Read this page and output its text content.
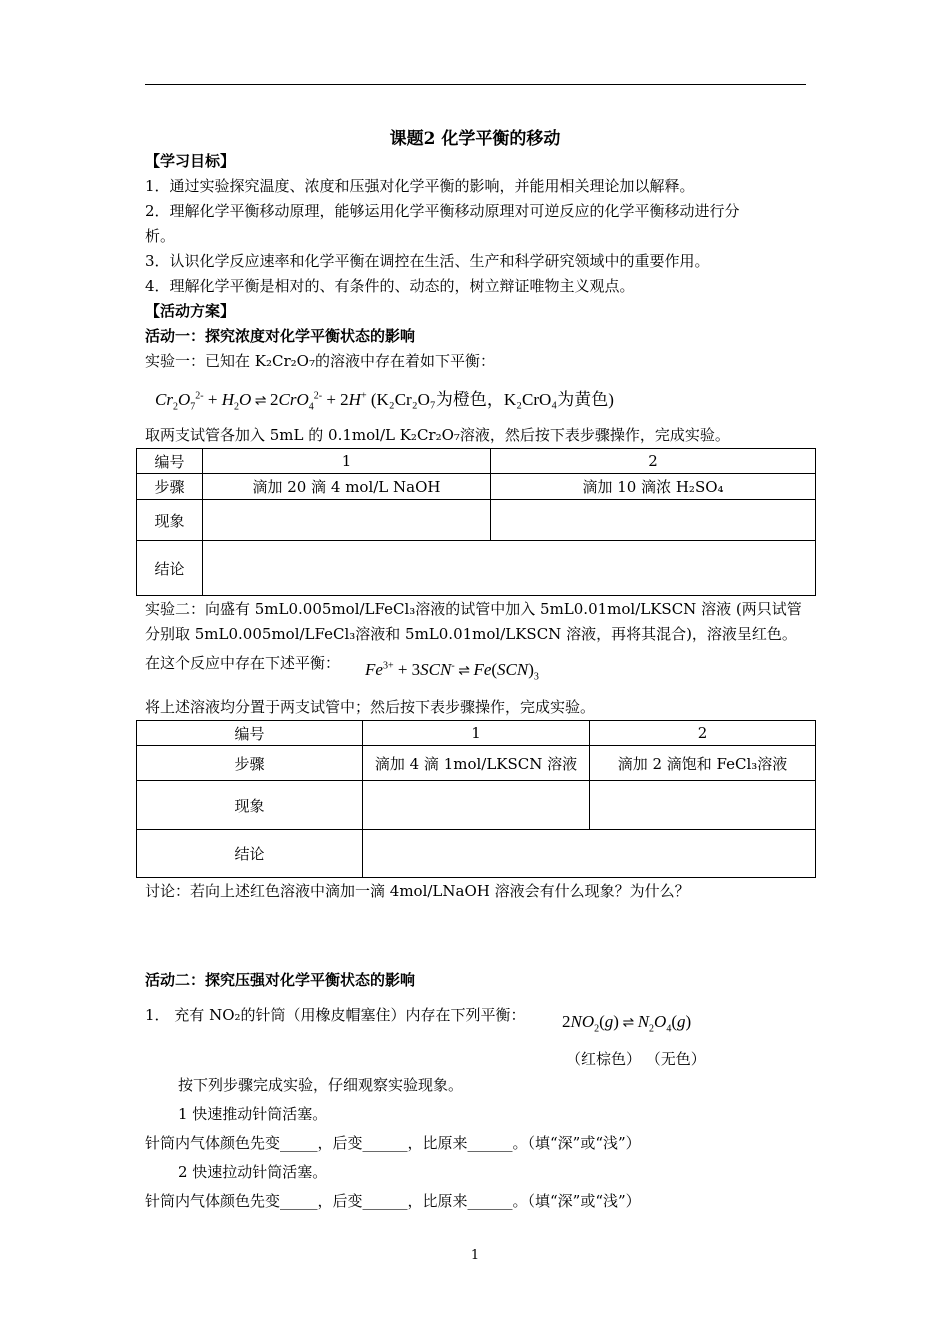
课题2 化学平衡的移动
【学习目标】
1．通过实验探究温度、浓度和压强对化学平衡的影响，并能用相关理论加以解释。
2．理解化学平衡移动原理，能够运用化学平衡移动原理对可逆反应的化学平衡移动进行分
析。
3．认识化学反应速率和化学平衡在调控在生活、生产和科学研究领域中的重要作用。
4．理解化学平衡是相对的、有条件的、动态的，树立辩证唯物主义观点。
【活动方案】
活动一：探究浓度对化学平衡状态的影响
实验一：已知在 K₂Cr₂O₇的溶液中存在着如下平衡：
$Cr_2O_7^{2-} + H_2O$ ⇌ 2CrO$_4^{2-}$ + 2H+ (K₂Cr₂O₇为橙色，K₂CrO₄为黄色)
取两支试管各加入 5mL 的 0.1mol/L K₂Cr₂O₇溶液，然后按下表步骤操作，完成实验。
编号	1	2
步骤	滴加 20 滴 4 mol/L NaOH	滴加 10 滴浓 H₂SO₄
现象		
结论		
实验二：向盛有 5mL0.005mol/LFeCl₃溶液的试管中加入 5mL0.01mol/LKSCN 溶液 (两只试管
分别取 5mL0.005mol/LFeCl₃溶液和 5mL0.01mol/LKSCN 溶液，再将其混合)，溶液呈红色。
在这个反应中存在下述平衡： $Fe^{3+} + 3SCN^-$ ⇌ $Fe(SCN)_3$
将上述溶液均分置于两支试管中；然后按下表步骤操作，完成实验。
编号	1	2
步骤	滴加 4 滴 1mol/LKSCN 溶液	滴加 2 滴饱和 FeCl₃溶液
现象		
结论		
讨论：若向上述红色溶液中滴加一滴 4mol/LNaOH 溶液会有什么现象？为什么？
活动二：探究压强对化学平衡状态的影响
1． 充有 NO₂的针筒（用橡皮帽塞住）内存在下列平衡： $2NO_2(g)$ ⇌ $N_2O_4(g)$
（红棕色） （无色）
按下列步骤完成实验，仔细观察实验现象。
1 快速推动针筒活塞。
针筒内气体颜色先变_____，后变______，比原来______。（填“深”或“浅”）
2 快速拉动针筒活塞。
针筒内气体颜色先变_____，后变______，比原来______。（填“深”或“浅”）
1
